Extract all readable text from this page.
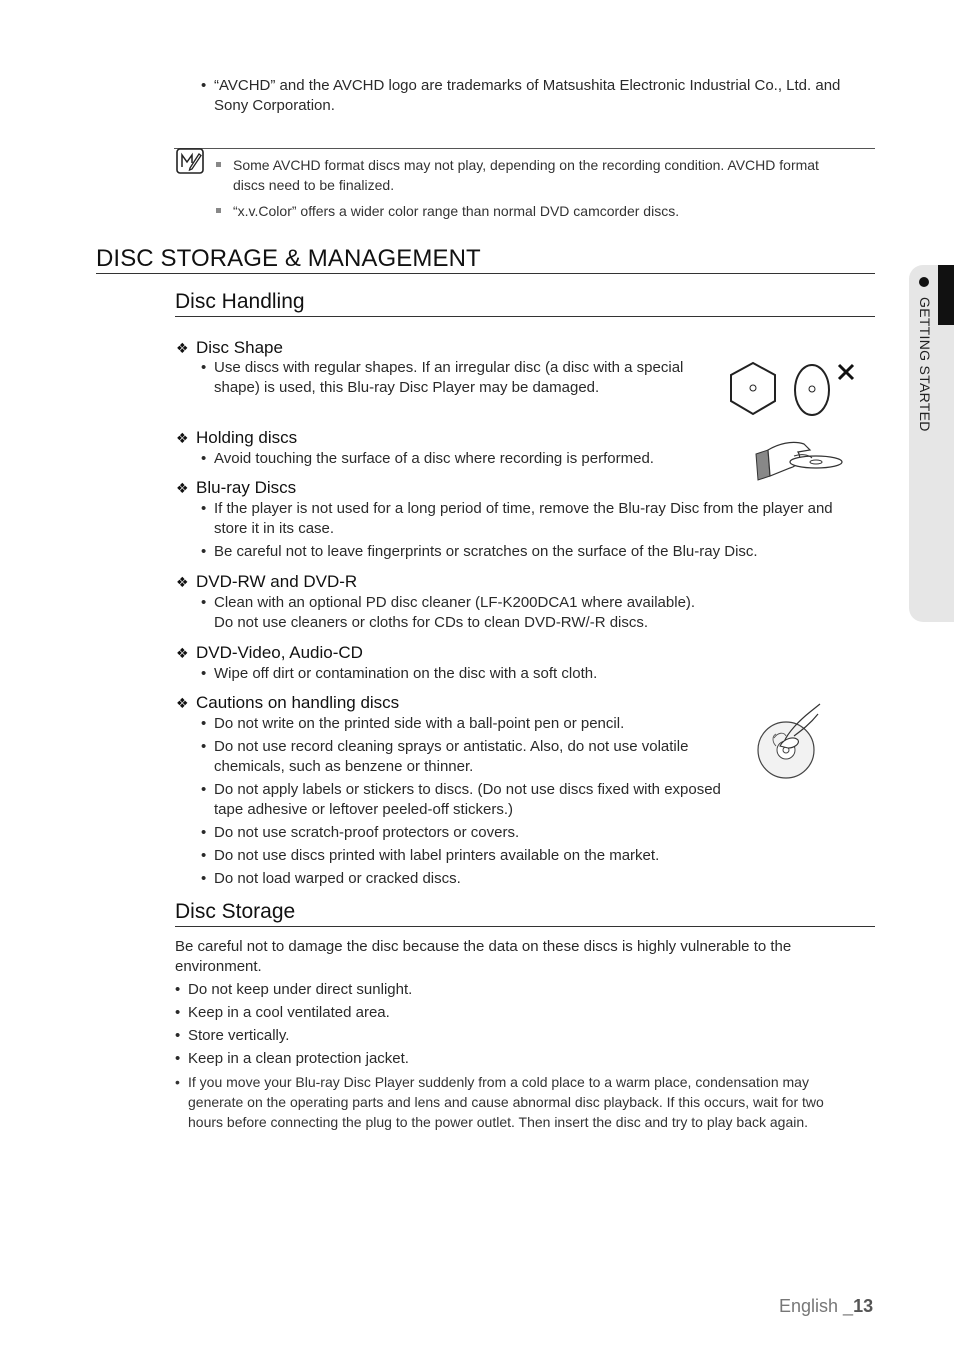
• “AVCHD” and the AVCHD logo are trademarks of Matsushita Electronic Industrial Co., Ltd. and Sony Corporation.
Some AVCHD format discs may not play, depending on the recording condition. AVCHD format discs need to be finalized.
“x.v.Color” offers a wider color range than normal DVD camcorder discs.
DISC STORAGE & MANAGEMENT
Disc Handling
❖ Disc Shape
• Use discs with regular shapes. If an irregular disc (a disc with a special shape) is used, this Blu-ray Disc Player may be damaged.
❖ Holding discs
• Avoid touching the surface of a disc where recording is performed.
❖ Blu-ray Discs
• If the player is not used for a long period of time, remove the Blu-ray Disc from the player and store it in its case.
• Be careful not to leave fingerprints or scratches on the surface of the Blu-ray Disc.
❖ DVD-RW and DVD-R
• Clean with an optional PD disc cleaner (LF-K200DCA1 where available). Do not use cleaners or cloths for CDs to clean DVD-RW/-R discs.
❖ DVD-Video, Audio-CD
• Wipe off dirt or contamination on the disc with a soft cloth.
❖ Cautions on handling discs
• Do not write on the printed side with a ball-point pen or pencil.
• Do not use record cleaning sprays or antistatic. Also, do not use volatile chemicals, such as benzene or thinner.
• Do not apply labels or stickers to discs. (Do not use discs fixed with exposed tape adhesive or leftover peeled-off stickers.)
• Do not use scratch-proof protectors or covers.
• Do not use discs printed with label printers available on the market.
• Do not load warped or cracked discs.
Disc Storage
Be careful not to damage the disc because the data on these discs is highly vulnerable to the environment.
• Do not keep under direct sunlight.
• Keep in a cool ventilated area.
• Store vertically.
• Keep in a clean protection jacket.
• If you move your Blu-ray Disc Player suddenly from a cold place to a warm place, condensation may generate on the operating parts and lens and cause abnormal disc playback. If this occurs, wait for two hours before connecting the plug to the power outlet. Then insert the disc and try to play back again.
GETTING STARTED
English _13
